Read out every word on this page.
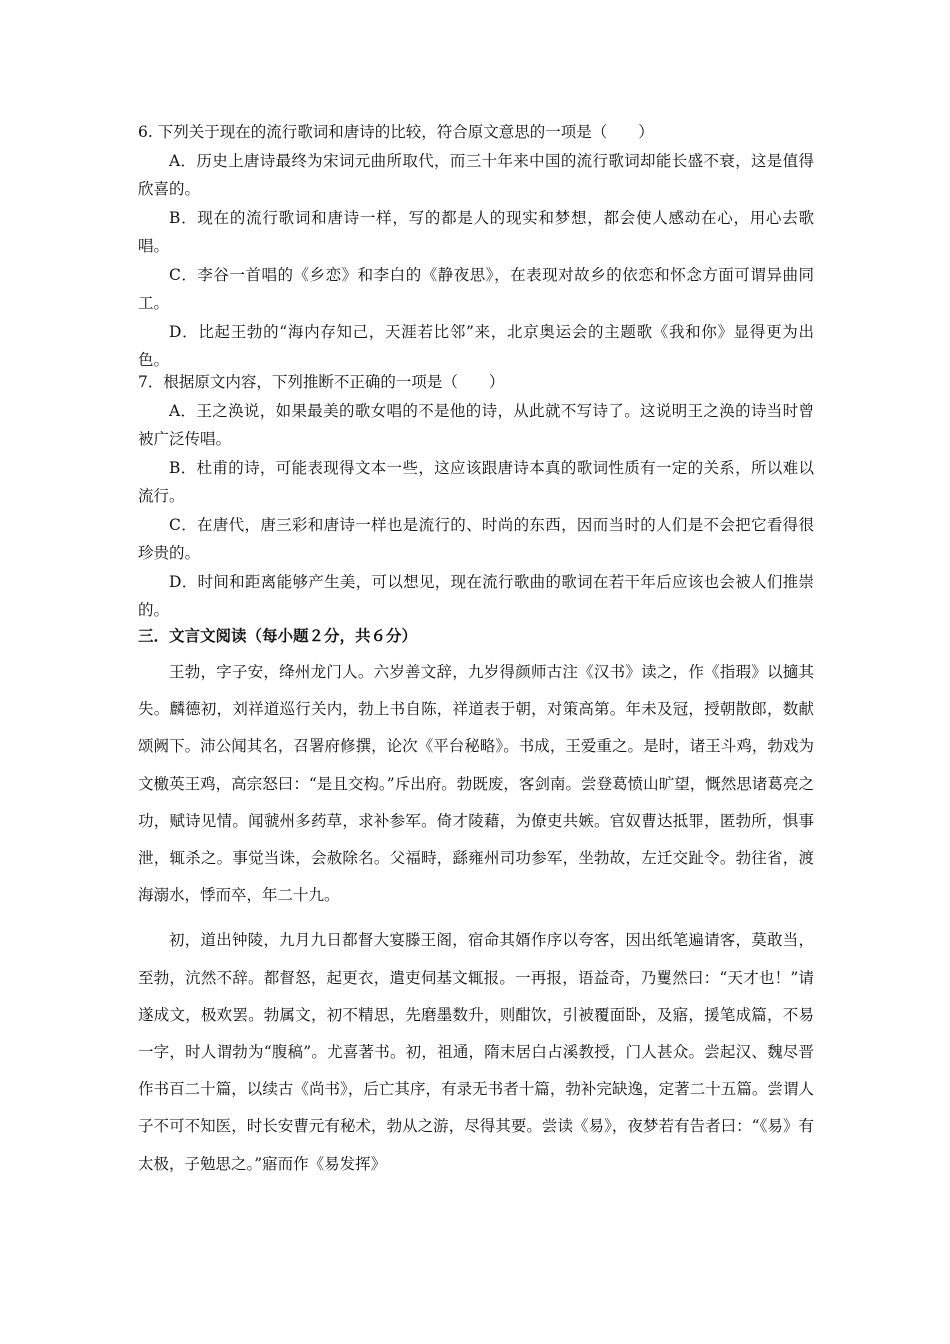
6. 下列关于现在的流行歌词和唐诗的比较，符合原文意思的一项是（　　）

A．历史上唐诗最终为宋词元曲所取代，而三十年来中国的流行歌词却能长盛不衰，这是值得欣喜的。

B．现在的流行歌词和唐诗一样，写的都是人的现实和梦想，都会使人感动在心，用心去歌唱。

C．李谷一首唱的《乡恋》和李白的《静夜思》，在表现对故乡的依恋和怀念方面可谓异曲同工。

D．比起王勃的“海内存知己，天涯若比邻”来，北京奥运会的主题歌《我和你》显得更为出色。

7．根据原文内容，下列推断不正确的一项是（　　）

A．王之涣说，如果最美的歌女唱的不是他的诗，从此就不写诗了。这说明王之涣的诗当时曾被广泛传唱。

B．杜甫的诗，可能表现得文本一些，这应该跟唐诗本真的歌词性质有一定的关系，所以难以流行。

C．在唐代，唐三彩和唐诗一样也是流行的、时尚的东西，因而当时的人们是不会把它看得很珍贵的。

D．时间和距离能够产生美，可以想见，现在流行歌曲的歌词在若干年后应该也会被人们推崇的。

三．文言文阅读（每小题２分，共６分）

王勃，字子安，绛州龙门人。六岁善文辞，九岁得颜师古注《汉书》读之，作《指瑕》以擿其失。麟德初，刘祥道巡行关内，勃上书自陈，祥道表于朝，对策高第。年未及冠，授朝散郎，数献颂阙下。沛公闻其名，召署府修撰，论次《平台秘略》。书成，王爱重之。是时，诸王斗鸡，勃戏为文檄英王鸡，高宗怒曰：“是且交构。”斥出府。勃既废，客剑南。尝登葛愤山旷望，慨然思诸葛亮之功，赋诗见情。闻虢州多药草，求补参军。倚才陵藉，为僚吏共嫉。官奴曹达抵罪，匿勃所，惧事泄，辄杀之。事觉当诛，会赦除名。父福畤，繇雍州司功参军，坐勃故，左迁交趾令。勃往省，渡海溺水，悸而卒，年二十九。

初，道出钟陵，九月九日都督大宴滕王阁，宿命其婿作序以夸客，因出纸笔遍请客，莫敢当，至勃，沆然不辞。都督怒，起更衣，遣吏伺基文辄报。一再报，语益奇，乃矍然曰：“天才也！”请遂成文，极欢罢。勃属文，初不精思，先磨墨数升，则酣饮，引被覆面卧，及寤，援笔成篇，不易一字，时人谓勃为“腹稿”。尤喜著书。初，祖通，隋末居白占溪教授，门人甚众。尝起汉、魏尽晋作书百二十篇，以续古《尚书》，后亡其序，有录无书者十篇，勃补完缺逸，定著二十五篇。尝谓人子不可不知医，时长安曹元有秘术，勃从之游，尽得其要。尝读《易》，夜梦若有告者曰：“《易》有太极，子勉思之。”寤而作《易发挥》
